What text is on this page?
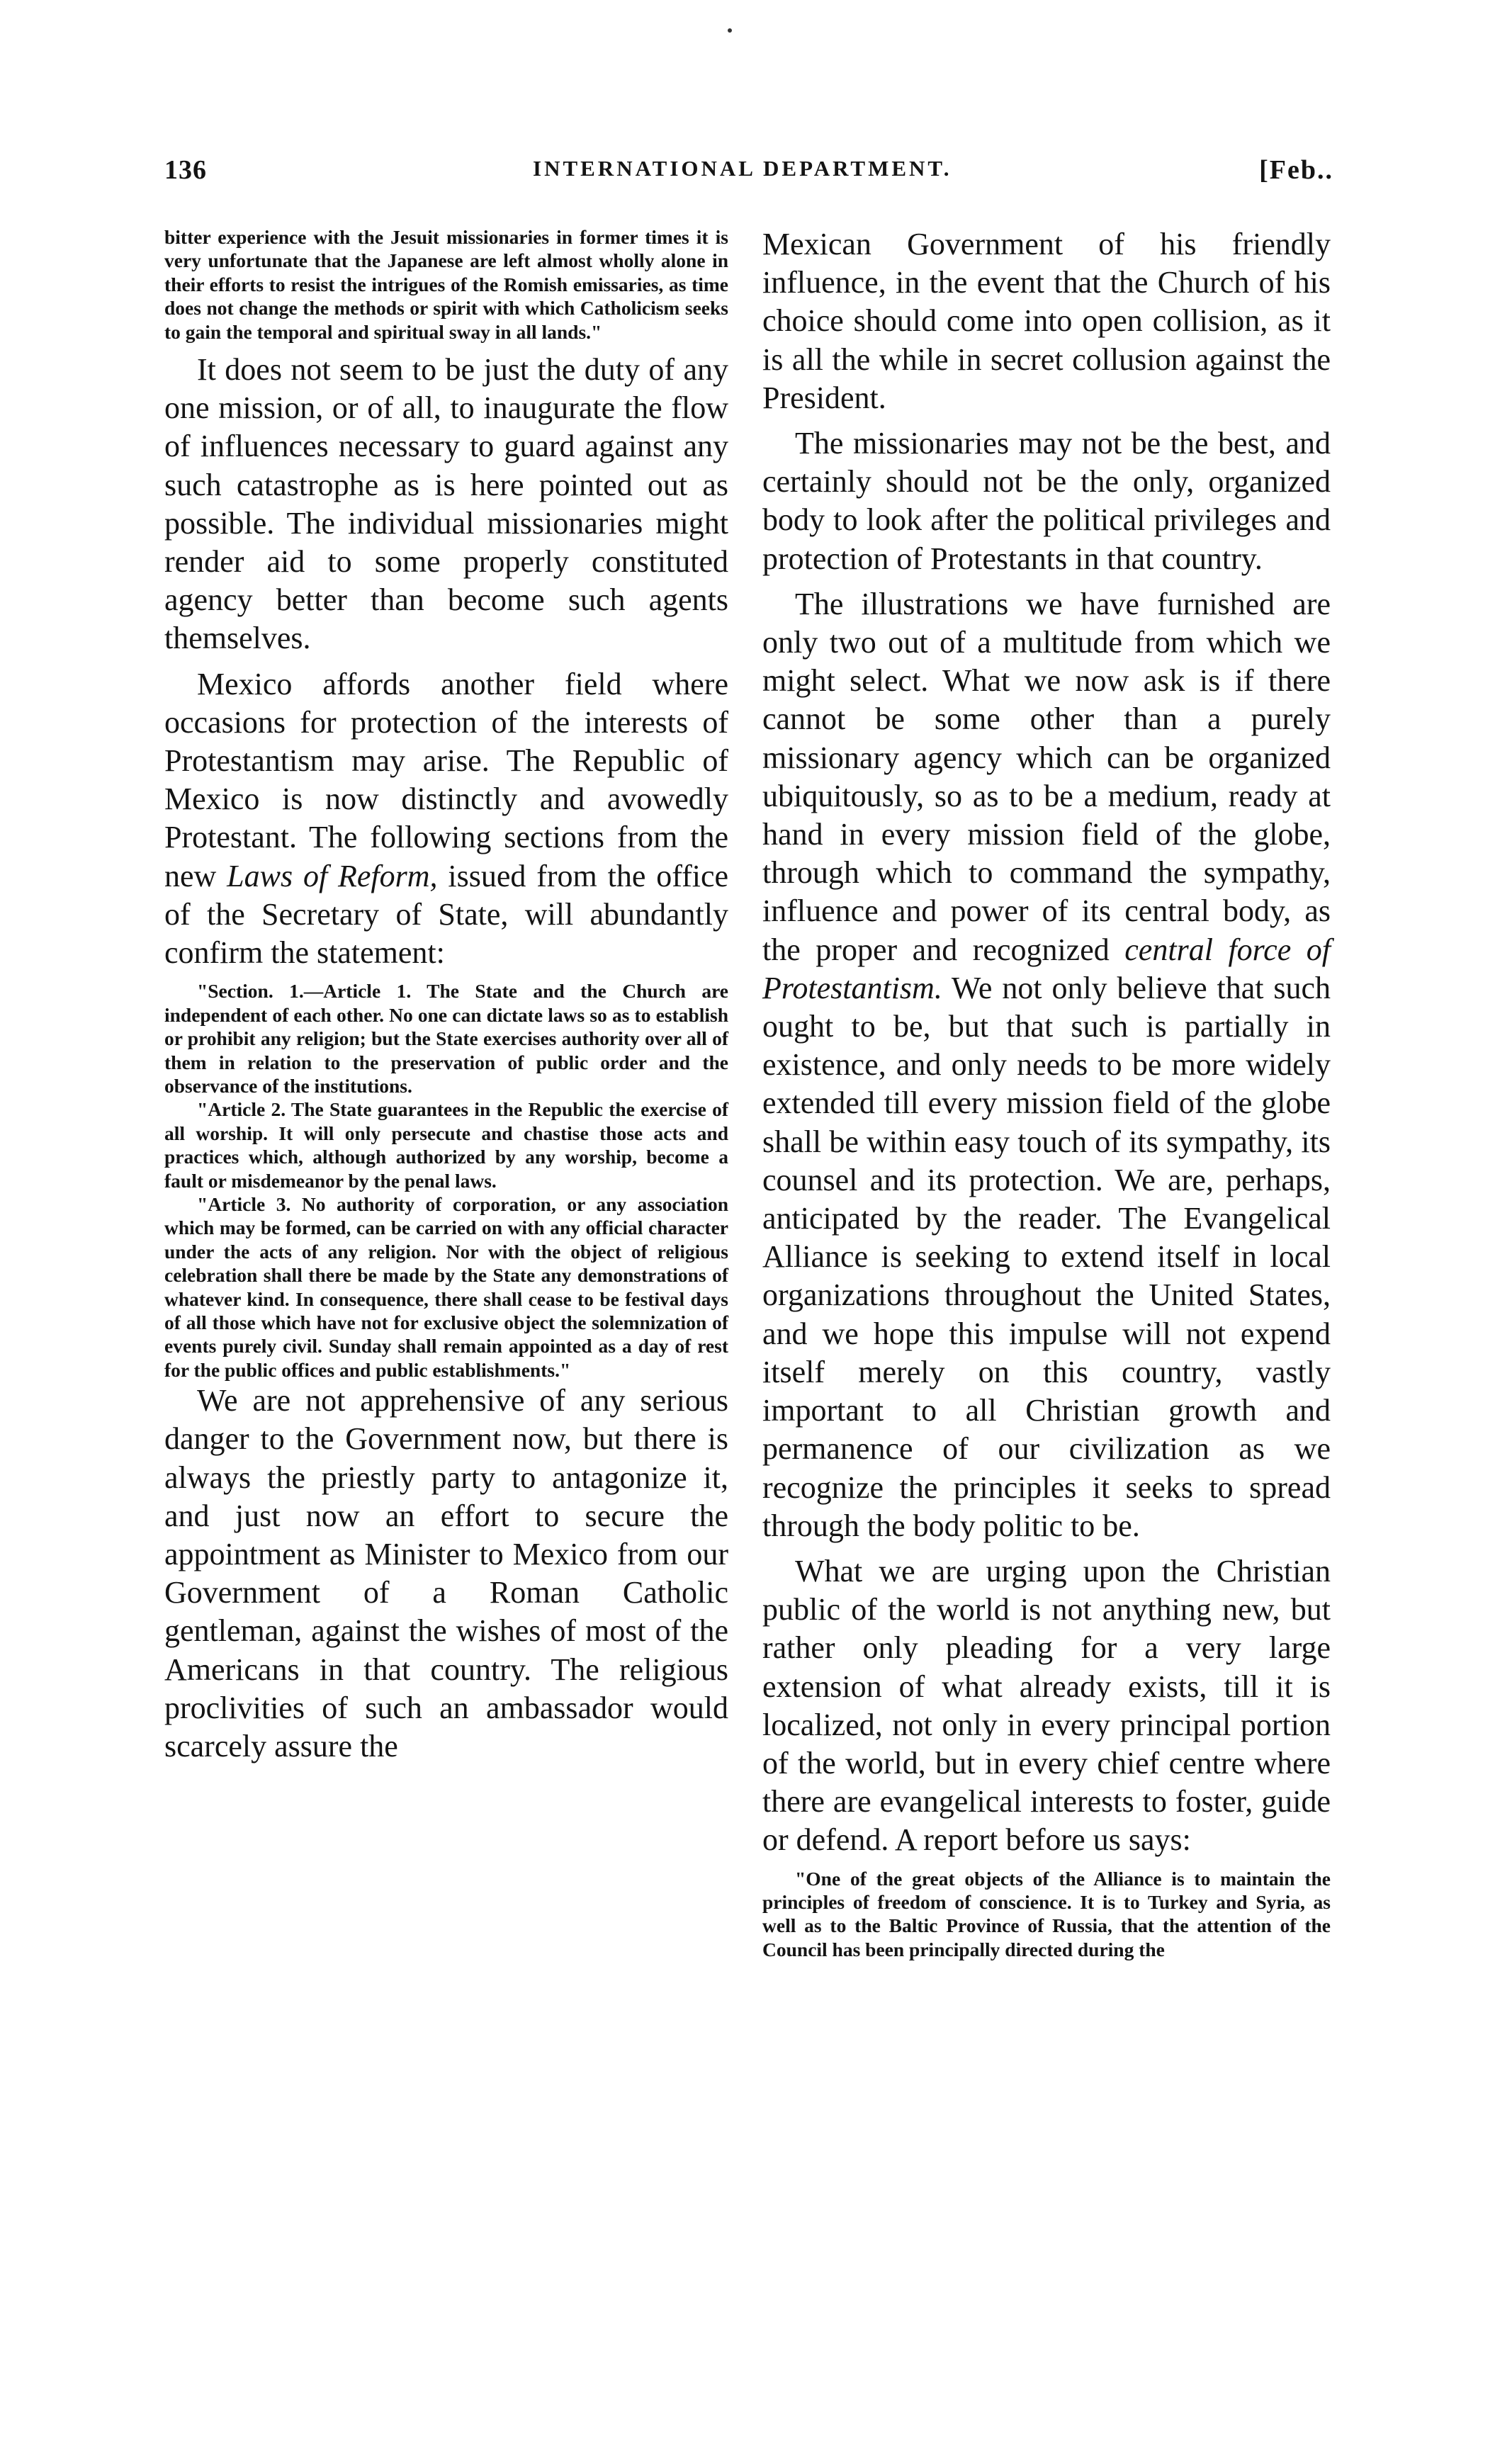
136	INTERNATIONAL DEPARTMENT.	[Feb..

bitter experience with the Jesuit missionaries in former times it is very unfortunate that the Japanese are left almost wholly alone in their efforts to resist the intrigues of the Romish emissaries, as time does not change the methods or spirit with which Catholicism seeks to gain the temporal and spiritual sway in all lands."

It does not seem to be just the duty of any one mission, or of all, to inaugurate the flow of influences necessary to guard against any such catastrophe as is here pointed out as possible. The individual missionaries might render aid to some properly constituted agency better than become such agents themselves.

Mexico affords another field where occasions for protection of the interests of Protestantism may arise. The Republic of Mexico is now distinctly and avowedly Protestant. The following sections from the new Laws of Reform, issued from the office of the Secretary of State, will abundantly confirm the statement:

"Section. 1.—Article 1. The State and the Church are independent of each other. No one can dictate laws so as to establish or prohibit any religion; but the State exercises authority over all of them in relation to the preservation of public order and the observance of the institutions.

"Article 2. The State guarantees in the Republic the exercise of all worship. It will only persecute and chastise those acts and practices which, although authorized by any worship, become a fault or misdemeanor by the penal laws.

"Article 3. No authority of corporation, or any association which may be formed, can be carried on with any official character under the acts of any religion. Nor with the object of religious celebration shall there be made by the State any demonstrations of whatever kind. In consequence, there shall cease to be festival days of all those which have not for exclusive object the solemnization of events purely civil. Sunday shall remain appointed as a day of rest for the public offices and public establishments."

We are not apprehensive of any serious danger to the Government now, but there is always the priestly party to antagonize it, and just now an effort to secure the appointment as Minister to Mexico from our Government of a Roman Catholic gentleman, against the wishes of most of the Americans in that country. The religious proclivities of such an ambassador would scarcely assure the

Mexican Government of his friendly influence, in the event that the Church of his choice should come into open collision, as it is all the while in secret collusion against the President.

The missionaries may not be the best, and certainly should not be the only, organized body to look after the political privileges and protection of Protestants in that country.

The illustrations we have furnished are only two out of a multitude from which we might select. What we now ask is if there cannot be some other than a purely missionary agency which can be organized ubiquitously, so as to be a medium, ready at hand in every mission field of the globe, through which to command the sympathy, influence and power of its central body, as the proper and recognized central force of Protestantism. We not only believe that such ought to be, but that such is partially in existence, and only needs to be more widely extended till every mission field of the globe shall be within easy touch of its sympathy, its counsel and its protection. We are, perhaps, anticipated by the reader. The Evangelical Alliance is seeking to extend itself in local organizations throughout the United States, and we hope this impulse will not expend itself merely on this country, vastly important to all Christian growth and permanence of our civilization as we recognize the principles it seeks to spread through the body politic to be.

What we are urging upon the Christian public of the world is not anything new, but rather only pleading for a very large extension of what already exists, till it is localized, not only in every principal portion of the world, but in every chief centre where there are evangelical interests to foster, guide or defend. A report before us says:

"One of the great objects of the Alliance is to maintain the principles of freedom of conscience. It is to Turkey and Syria, as well as to the Baltic Province of Russia, that the attention of the Council has been principally directed during the
